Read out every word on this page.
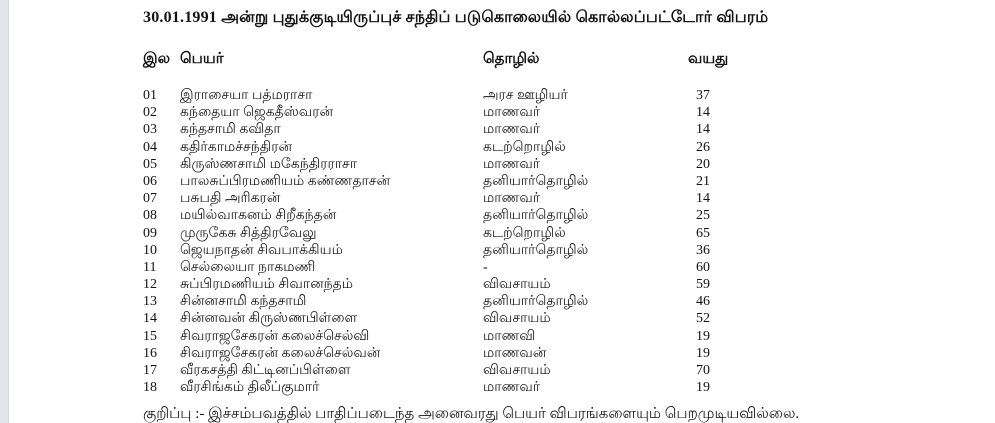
30.01.1991 அன்று புதுக்குடியிருப்புச் சந்திப் படுகொலையில் கொல்லப்பட்டோர் விபரம்
இல பெயர்	தொழில்	வயது
01	இராசையா பத்மராசா	அரச ஊழியர்	37
02	கந்தையா ஜெகதீஸ்வரன்	மாணவர்	14
03	கந்தசாமி கவிதா	மாணவர்	14
04	கதிர்காமச்சந்திரன்	கடற்றொழில்	26
05	கிருஸ்ணசாமி மகேந்திரராசா	மாணவர்	20
06	பாலசுப்பிரமணியம் கண்ணதாசன்	தனியார்தொழில்	21
07	பசுபதி அரிகரன்	மாணவர்	14
08	மயில்வாகனம் சிறீகந்தன்	தனியார்தொழில்	25
09	முருகேசு சித்திரவேலு	கடற்றொழில்	65
10	ஜெயநாதன் சிவபாக்கியம்	தனியார்தொழில்	36
11	செல்லையா நாகமணி	-	60
12	சுப்பிரமணியம் சிவானந்தம்	விவசாயம்	59
13	சின்னசாமி கந்தசாமி	தனியார்தொழில்	46
14	சின்னவன் கிருஸ்ணபிள்ளை	விவசாயம்	52
15	சிவராஜசேகரன் கலைச்செல்வி	மாணவி	19
16	சிவராஜசேகரன் கலைச்செல்வன்	மாணவன்	19
17	வீரகசத்தி கிட்டினப்பிள்ளை	விவசாயம்	70
18	வீரசிங்கம் திலீப்குமார்	மாணவர்	19
குறிப்பு :- இச்சம்பவத்தில் பாதிப்படைந்த அனைவரது பெயர் விபரங்களையும் பெறமுடியவில்லை.
